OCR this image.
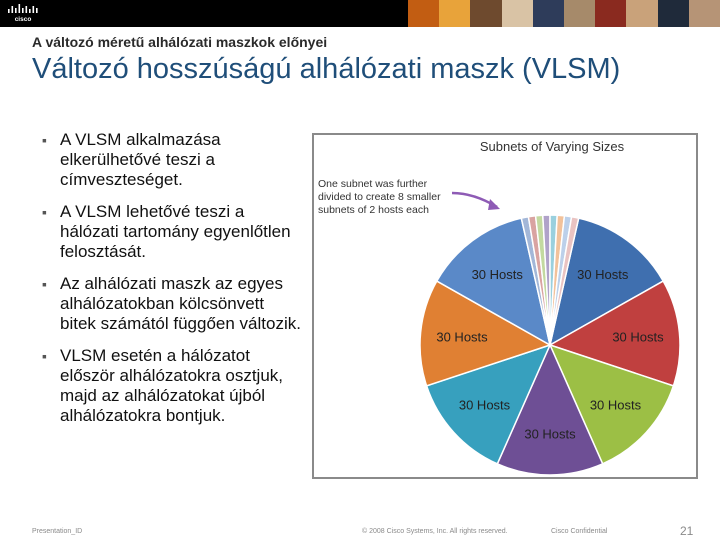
cisco
A változó méretű alhálózati maszkok előnyei
Változó hosszúságú alhálózati maszk (VLSM)
▪ A VLSM alkalmazása elkerülhetővé teszi a címveszteséget.
▪ A VLSM lehetővé teszi a hálózati tartomány egyenlőtlen felosztását.
▪ Az alhálózati maszk az egyes alhálózatokban kölcsönvett bitek számától függően változik.
▪ VLSM esetén a hálózatot először alhálózatokra osztjuk, majd az alhálózatokat újból alhálózatokra bontjuk.
Subnets of Varying Sizes
One subnet was further divided to create 8 smaller subnets of 2 hosts each
30 Hosts
30 Hosts
30 Hosts
30 Hosts
30 Hosts
30 Hosts
30 Hosts
Presentation_ID	© 2008 Cisco Systems, Inc. All rights reserved.	Cisco Confidential	21
